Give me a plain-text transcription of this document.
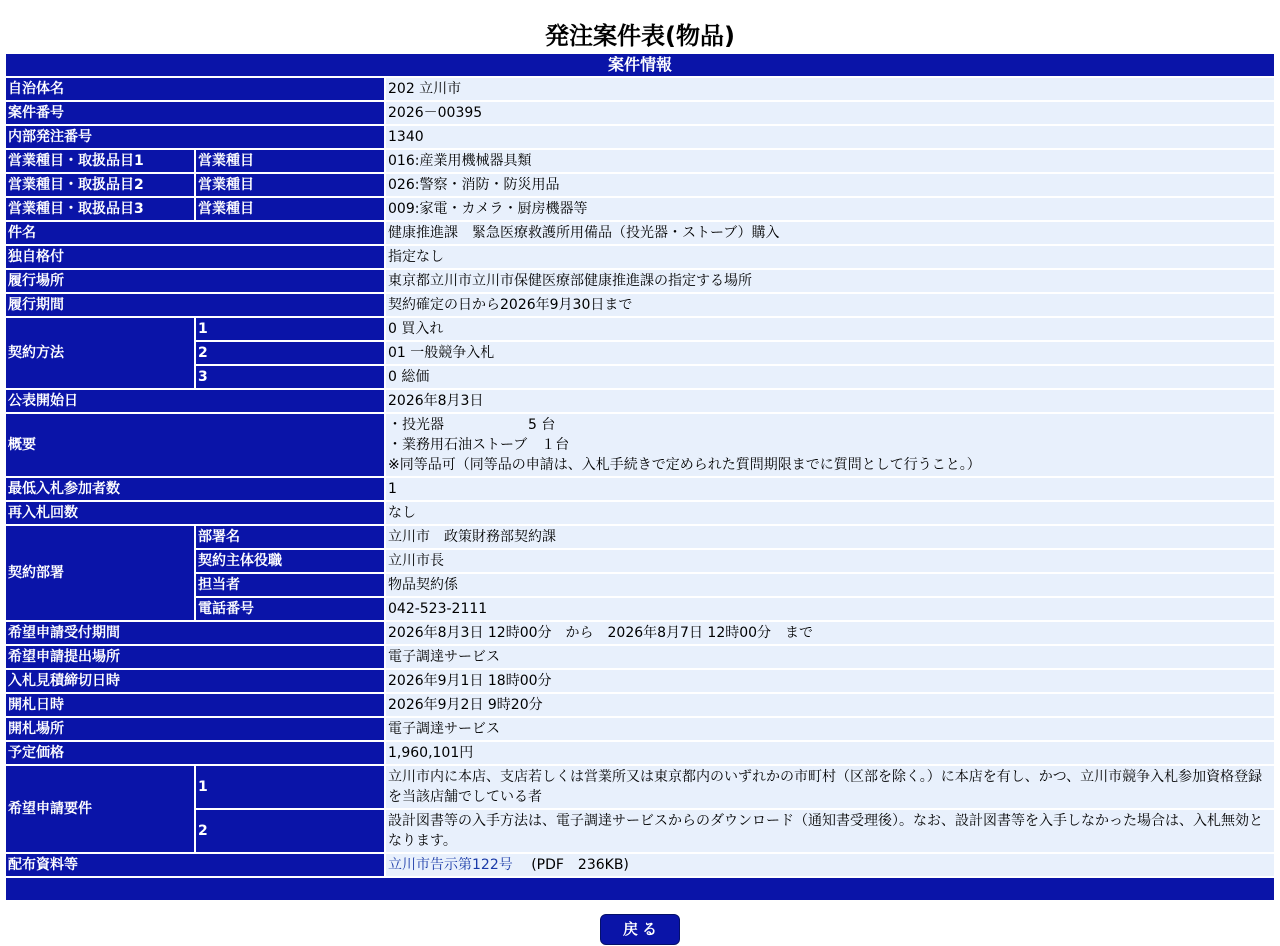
発注案件表(物品)
案件情報		
自治体名		202 立川市
案件番号		2026－00395
内部発注番号		1340
営業種目・取扱品目1	営業種目	016:産業用機械器具類
営業種目・取扱品目2	営業種目	026:警察・消防・防災用品
営業種目・取扱品目3	営業種目	009:家電・カメラ・厨房機器等
件名		健康推進課　緊急医療救護所用備品（投光器・ストーブ）購入
独自格付		指定なし
履行場所		東京都立川市立川市保健医療部健康推進課の指定する場所
履行期間		契約確定の日から2026年9月30日まで
契約方法	1	0 買入れ
	2	01 一般競争入札
	3	0 総価
公表開始日		2026年8月3日
概要		・投光器　　　　　　5 台
・業務用石油ストーブ　１台
※同等品可（同等品の申請は、入札手続きで定められた質問期限までに質問として行うこと。）

最低入札参加者数		1
再入札回数		なし
契約部署	部署名	立川市　政策財務部契約課
	契約主体役職	立川市長
	担当者	物品契約係
	電話番号	042-523-2111
希望申請受付期間		2026年8月3日 12時00分　から　2026年8月7日 12時00分　まで
希望申請提出場所		電子調達サービス
入札見積締切日時		2026年9月1日 18時00分
開札日時		2026年9月2日 9時20分
開札場所		電子調達サービス
予定価格		1,960,101円
希望申請要件	1	立川市内に本店、支店若しくは営業所又は東京都内のいずれかの市町村（区部を除く。）に本店を有し、かつ、立川市競争入札参加資格登録を当該店舗でしている者
	2	設計図書等の入手方法は、電子調達サービスからのダウンロード（通知書受理後）。なお、設計図書等を入手しなかった場合は、入札無効となります。
配布資料等		立川市告示第122号 (PDF　236KB)

戻る
